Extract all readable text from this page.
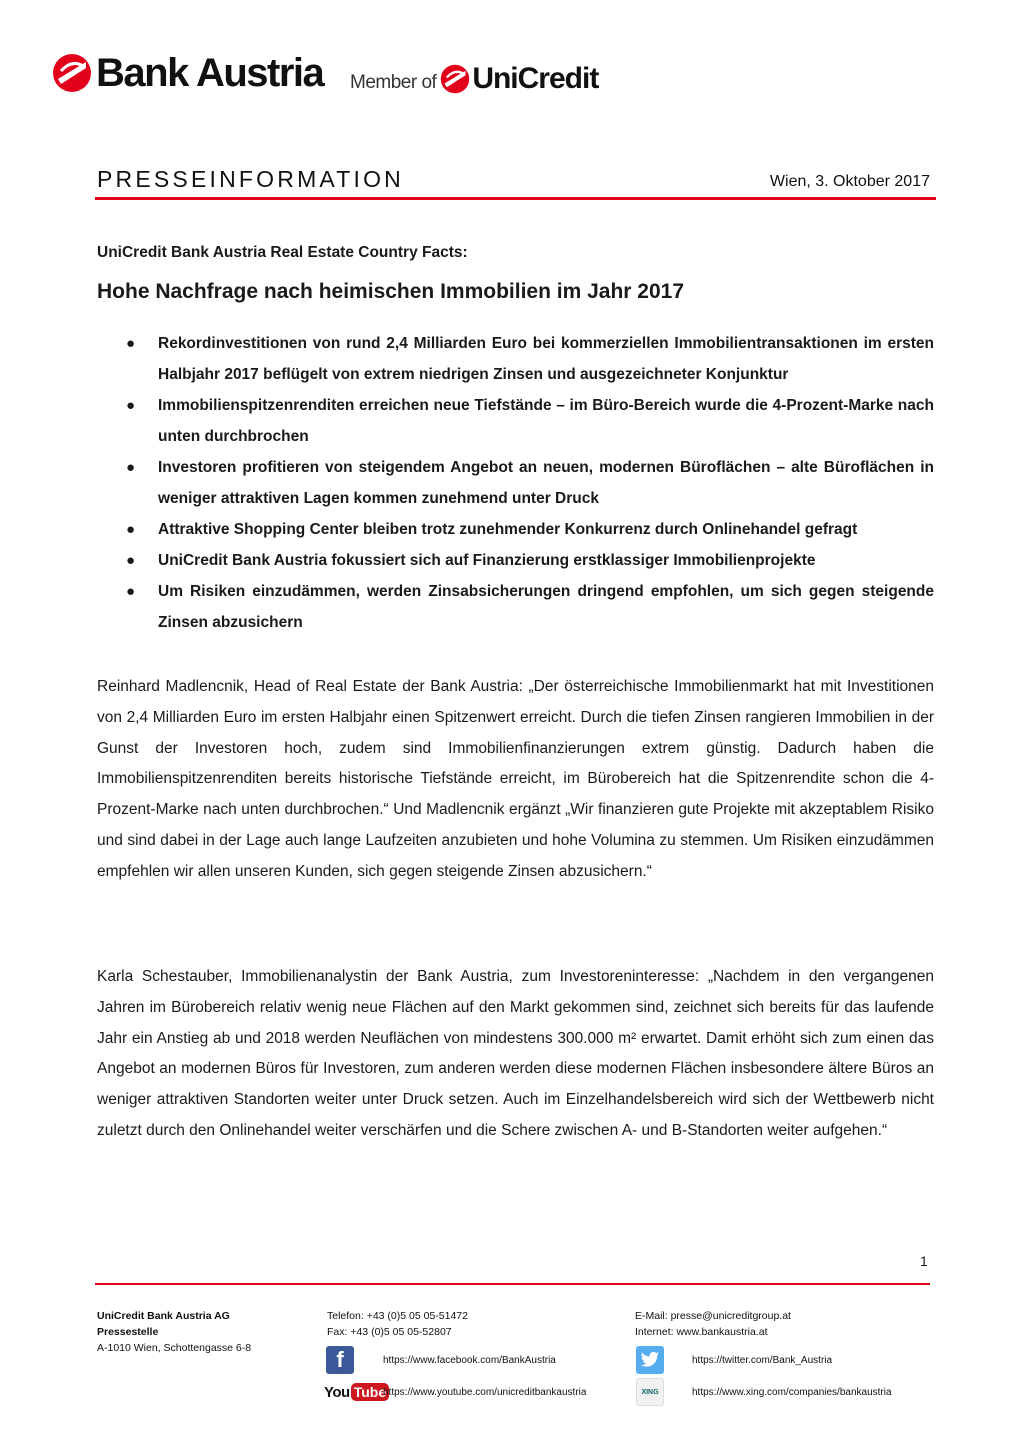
Bank Austria Member of UniCredit
PRESSEINFORMATION	Wien, 3. Oktober 2017
UniCredit Bank Austria Real Estate Country Facts:
Hohe Nachfrage nach heimischen Immobilien im Jahr 2017
● Rekordinvestitionen von rund 2,4 Milliarden Euro bei kommerziellen Immobilientransaktionen im ersten Halbjahr 2017 beflügelt von extrem niedrigen Zinsen und ausgezeichneter Konjunktur
● Immobilienspitzenrenditen erreichen neue Tiefstände – im Büro-Bereich wurde die 4-Prozent-Marke nach unten durchbrochen
● Investoren profitieren von steigendem Angebot an neuen, modernen Büroflächen – alte Büroflächen in weniger attraktiven Lagen kommen zunehmend unter Druck
● Attraktive Shopping Center bleiben trotz zunehmender Konkurrenz durch Onlinehandel gefragt
● UniCredit Bank Austria fokussiert sich auf Finanzierung erstklassiger Immobilienprojekte
● Um Risiken einzudämmen, werden Zinsabsicherungen dringend empfohlen, um sich gegen steigende Zinsen abzusichern

Reinhard Madlencnik, Head of Real Estate der Bank Austria: „Der österreichische Immobilienmarkt hat mit Investitionen von 2,4 Milliarden Euro im ersten Halbjahr einen Spitzenwert erreicht. Durch die tiefen Zinsen rangieren Immobilien in der Gunst der Investoren hoch, zudem sind Immobilienfinanzierungen extrem günstig. Dadurch haben die Immobilienspitzenrenditen bereits historische Tiefstände erreicht, im Bürobereich hat die Spitzenrendite schon die 4-Prozent-Marke nach unten durchbrochen.“ Und Madlencnik ergänzt „Wir finanzieren gute Projekte mit akzeptablem Risiko und sind dabei in der Lage auch lange Laufzeiten anzubieten und hohe Volumina zu stemmen. Um Risiken einzudämmen empfehlen wir allen unseren Kunden, sich gegen steigende Zinsen abzusichern.“

Karla Schestauber, Immobilienanalystin der Bank Austria, zum Investoreninteresse: „Nachdem in den vergangenen Jahren im Bürobereich relativ wenig neue Flächen auf den Markt gekommen sind, zeichnet sich bereits für das laufende Jahr ein Anstieg ab und 2018 werden Neuflächen von mindestens 300.000 m² erwartet. Damit erhöht sich zum einen das Angebot an modernen Büros für Investoren, zum anderen werden diese modernen Flächen insbesondere ältere Büros an weniger attraktiven Standorten weiter unter Druck setzen. Auch im Einzelhandelsbereich wird sich der Wettbewerb nicht zuletzt durch den Onlinehandel weiter verschärfen und die Schere zwischen A- und B-Standorten weiter aufgehen.“

1
UniCredit Bank Austria AG
Pressestelle
A-1010 Wien, Schottengasse 6-8
Telefon: +43 (0)5 05 05-51472
Fax: +43 (0)5 05 05-52807
E-Mail: presse@unicreditgroup.at
Internet: www.bankaustria.at
f	https://www.facebook.com/BankAustria	https://twitter.com/Bank_Austria
You Tube
https://www.youtube.com/unicreditbankaustria	XING	https://www.xing.com/companies/bankaustria
